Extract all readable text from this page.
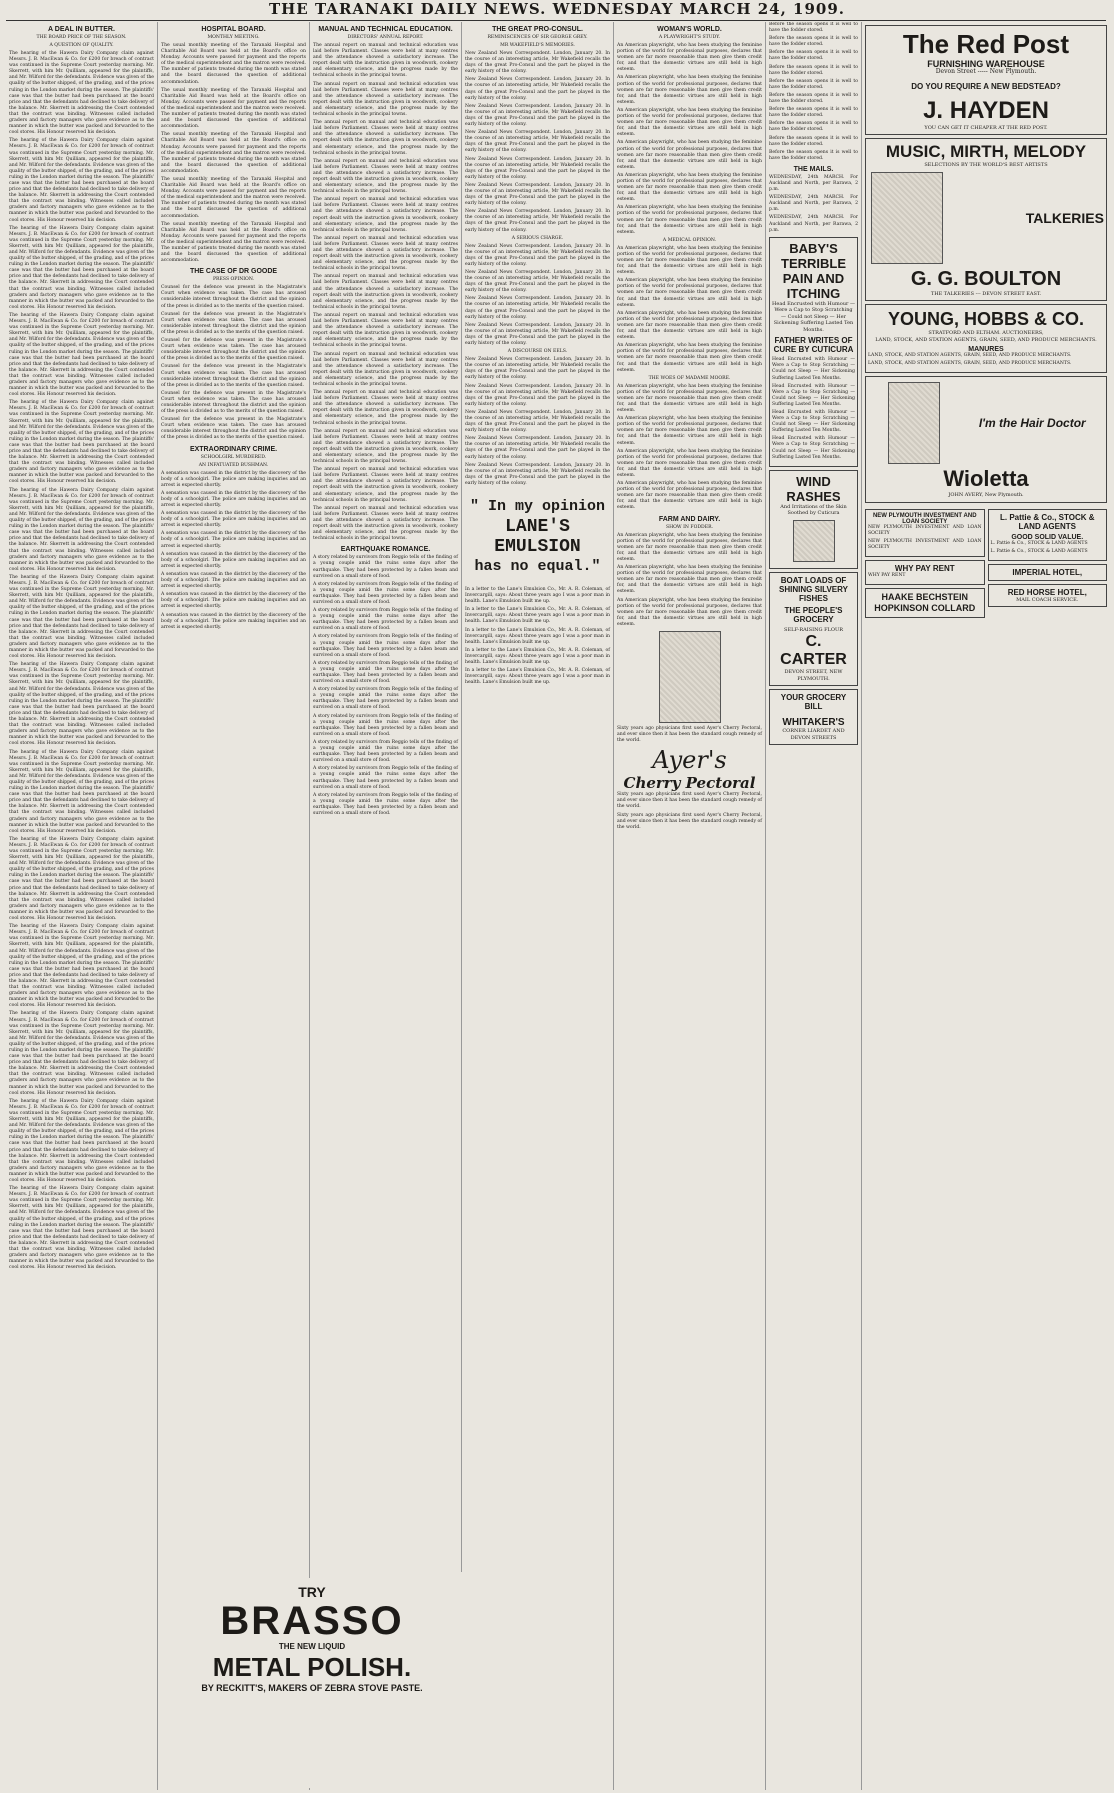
THE TARANAKI DAILY NEWS. WEDNESDAY MARCH 24, 1909.
A DEAL IN BUTTER.
THE BOARD PRICE OF THE SEASON.
A QUESTION OF QUALITY.

The hearing of the Hawera Dairy Company claim against Messrs. J. B. MacEwan & Co. for £200 for breach of contract was continued in the Supreme Court yesterday morning. Mr. Skerrett, with him Mr. Quilliam, appeared for the plaintiffs, and Mr. Wilford for the defendants. Evidence was given of the quality of the butter shipped, of the grading, and of the prices ruling in the London market during the season. The plaintiffs' case was that the butter had been purchased at the board price and that the defendants had declined to take delivery of the balance. Mr. Skerrett in addressing the Court contended that the contract was binding. Witnesses called included graders and factory managers who gave evidence as to the manner in which the butter was packed and forwarded to the cool stores. His Honour reserved his decision.

The hearing of the Hawera Dairy Company claim against Messrs. J. B. MacEwan & Co. for £200 for breach of contract was continued in the Supreme Court yesterday morning. Mr. Skerrett, with him Mr. Quilliam, appeared for the plaintiffs, and Mr. Wilford for the defendants. Evidence was given of the quality of the butter shipped, of the grading, and of the prices ruling in the London market during the season. The plaintiffs' case was that the butter had been purchased at the board price and that the defendants had declined to take delivery of the balance. Mr. Skerrett in addressing the Court contended that the contract was binding. Witnesses called included graders and factory managers who gave evidence as to the manner in which the butter was packed and forwarded to the cool stores. His Honour reserved his decision.

The hearing of the Hawera Dairy Company claim against Messrs. J. B. MacEwan & Co. for £200 for breach of contract was continued in the Supreme Court yesterday morning. Mr. Skerrett, with him Mr. Quilliam, appeared for the plaintiffs, and Mr. Wilford for the defendants. Evidence was given of the quality of the butter shipped, of the grading, and of the prices ruling in the London market during the season. The plaintiffs' case was that the butter had been purchased at the board price and that the defendants had declined to take delivery of the balance. Mr. Skerrett in addressing the Court contended that the contract was binding. Witnesses called included graders and factory managers who gave evidence as to the manner in which the butter was packed and forwarded to the cool stores. His Honour reserved his decision.

The hearing of the Hawera Dairy Company claim against Messrs. J. B. MacEwan & Co. for £200 for breach of contract was continued in the Supreme Court yesterday morning. Mr. Skerrett, with him Mr. Quilliam, appeared for the plaintiffs, and Mr. Wilford for the defendants. Evidence was given of the quality of the butter shipped, of the grading, and of the prices ruling in the London market during the season. The plaintiffs' case was that the butter had been purchased at the board price and that the defendants had declined to take delivery of the balance. Mr. Skerrett in addressing the Court contended that the contract was binding. Witnesses called included graders and factory managers who gave evidence as to the manner in which the butter was packed and forwarded to the cool stores. His Honour reserved his decision.

The hearing of the Hawera Dairy Company claim against Messrs. J. B. MacEwan & Co. for £200 for breach of contract was continued in the Supreme Court yesterday morning. Mr. Skerrett, with him Mr. Quilliam, appeared for the plaintiffs, and Mr. Wilford for the defendants. Evidence was given of the quality of the butter shipped, of the grading, and of the prices ruling in the London market during the season. The plaintiffs' case was that the butter had been purchased at the board price and that the defendants had declined to take delivery of the balance. Mr. Skerrett in addressing the Court contended that the contract was binding. Witnesses called included graders and factory managers who gave evidence as to the manner in which the butter was packed and forwarded to the cool stores. His Honour reserved his decision.

The hearing of the Hawera Dairy Company claim against Messrs. J. B. MacEwan & Co. for £200 for breach of contract was continued in the Supreme Court yesterday morning. Mr. Skerrett, with him Mr. Quilliam, appeared for the plaintiffs, and Mr. Wilford for the defendants. Evidence was given of the quality of the butter shipped, of the grading, and of the prices ruling in the London market during the season. The plaintiffs' case was that the butter had been purchased at the board price and that the defendants had declined to take delivery of the balance. Mr. Skerrett in addressing the Court contended that the contract was binding. Witnesses called included graders and factory managers who gave evidence as to the manner in which the butter was packed and forwarded to the cool stores. His Honour reserved his decision.

The hearing of the Hawera Dairy Company claim against Messrs. J. B. MacEwan & Co. for £200 for breach of contract was continued in the Supreme Court yesterday morning. Mr. Skerrett, with him Mr. Quilliam, appeared for the plaintiffs, and Mr. Wilford for the defendants. Evidence was given of the quality of the butter shipped, of the grading, and of the prices ruling in the London market during the season. The plaintiffs' case was that the butter had been purchased at the board price and that the defendants had declined to take delivery of the balance. Mr. Skerrett in addressing the Court contended that the contract was binding. Witnesses called included graders and factory managers who gave evidence as to the manner in which the butter was packed and forwarded to the cool stores. His Honour reserved his decision.

The hearing of the Hawera Dairy Company claim against Messrs. J. B. MacEwan & Co. for £200 for breach of contract was continued in the Supreme Court yesterday morning. Mr. Skerrett, with him Mr. Quilliam, appeared for the plaintiffs, and Mr. Wilford for the defendants. Evidence was given of the quality of the butter shipped, of the grading, and of the prices ruling in the London market during the season. The plaintiffs' case was that the butter had been purchased at the board price and that the defendants had declined to take delivery of the balance. Mr. Skerrett in addressing the Court contended that the contract was binding. Witnesses called included graders and factory managers who gave evidence as to the manner in which the butter was packed and forwarded to the cool stores. His Honour reserved his decision.

The hearing of the Hawera Dairy Company claim against Messrs. J. B. MacEwan & Co. for £200 for breach of contract was continued in the Supreme Court yesterday morning. Mr. Skerrett, with him Mr. Quilliam, appeared for the plaintiffs, and Mr. Wilford for the defendants. Evidence was given of the quality of the butter shipped, of the grading, and of the prices ruling in the London market during the season. The plaintiffs' case was that the butter had been purchased at the board price and that the defendants had declined to take delivery of the balance. Mr. Skerrett in addressing the Court contended that the contract was binding. Witnesses called included graders and factory managers who gave evidence as to the manner in which the butter was packed and forwarded to the cool stores. His Honour reserved his decision.

The hearing of the Hawera Dairy Company claim against Messrs. J. B. MacEwan & Co. for £200 for breach of contract was continued in the Supreme Court yesterday morning. Mr. Skerrett, with him Mr. Quilliam, appeared for the plaintiffs, and Mr. Wilford for the defendants. Evidence was given of the quality of the butter shipped, of the grading, and of the prices ruling in the London market during the season. The plaintiffs' case was that the butter had been purchased at the board price and that the defendants had declined to take delivery of the balance. Mr. Skerrett in addressing the Court contended that the contract was binding. Witnesses called included graders and factory managers who gave evidence as to the manner in which the butter was packed and forwarded to the cool stores. His Honour reserved his decision.

The hearing of the Hawera Dairy Company claim against Messrs. J. B. MacEwan & Co. for £200 for breach of contract was continued in the Supreme Court yesterday morning. Mr. Skerrett, with him Mr. Quilliam, appeared for the plaintiffs, and Mr. Wilford for the defendants. Evidence was given of the quality of the butter shipped, of the grading, and of the prices ruling in the London market during the season. The plaintiffs' case was that the butter had been purchased at the board price and that the defendants had declined to take delivery of the balance. Mr. Skerrett in addressing the Court contended that the contract was binding. Witnesses called included graders and factory managers who gave evidence as to the manner in which the butter was packed and forwarded to the cool stores. His Honour reserved his decision.

The hearing of the Hawera Dairy Company claim against Messrs. J. B. MacEwan & Co. for £200 for breach of contract was continued in the Supreme Court yesterday morning. Mr. Skerrett, with him Mr. Quilliam, appeared for the plaintiffs, and Mr. Wilford for the defendants. Evidence was given of the quality of the butter shipped, of the grading, and of the prices ruling in the London market during the season. The plaintiffs' case was that the butter had been purchased at the board price and that the defendants had declined to take delivery of the balance. Mr. Skerrett in addressing the Court contended that the contract was binding. Witnesses called included graders and factory managers who gave evidence as to the manner in which the butter was packed and forwarded to the cool stores. His Honour reserved his decision.

The hearing of the Hawera Dairy Company claim against Messrs. J. B. MacEwan & Co. for £200 for breach of contract was continued in the Supreme Court yesterday morning. Mr. Skerrett, with him Mr. Quilliam, appeared for the plaintiffs, and Mr. Wilford for the defendants. Evidence was given of the quality of the butter shipped, of the grading, and of the prices ruling in the London market during the season. The plaintiffs' case was that the butter had been purchased at the board price and that the defendants had declined to take delivery of the balance. Mr. Skerrett in addressing the Court contended that the contract was binding. Witnesses called included graders and factory managers who gave evidence as to the manner in which the butter was packed and forwarded to the cool stores. His Honour reserved his decision.

The hearing of the Hawera Dairy Company claim against Messrs. J. B. MacEwan & Co. for £200 for breach of contract was continued in the Supreme Court yesterday morning. Mr. Skerrett, with him Mr. Quilliam, appeared for the plaintiffs, and Mr. Wilford for the defendants. Evidence was given of the quality of the butter shipped, of the grading, and of the prices ruling in the London market during the season. The plaintiffs' case was that the butter had been purchased at the board price and that the defendants had declined to take delivery of the balance. Mr. Skerrett in addressing the Court contended that the contract was binding. Witnesses called included graders and factory managers who gave evidence as to the manner in which the butter was packed and forwarded to the cool stores. His Honour reserved his decision.

HOSPITAL BOARD.
MONTHLY MEETING.

The usual monthly meeting of the Taranaki Hospital and Charitable Aid Board was held at the Board's office on Monday. Accounts were passed for payment and the reports of the medical superintendent and the matron were received. The number of patients treated during the month was stated and the board discussed the question of additional accommodation.

The usual monthly meeting of the Taranaki Hospital and Charitable Aid Board was held at the Board's office on Monday. Accounts were passed for payment and the reports of the medical superintendent and the matron were received. The number of patients treated during the month was stated and the board discussed the question of additional accommodation.

The usual monthly meeting of the Taranaki Hospital and Charitable Aid Board was held at the Board's office on Monday. Accounts were passed for payment and the reports of the medical superintendent and the matron were received. The number of patients treated during the month was stated and the board discussed the question of additional accommodation.

The usual monthly meeting of the Taranaki Hospital and Charitable Aid Board was held at the Board's office on Monday. Accounts were passed for payment and the reports of the medical superintendent and the matron were received. The number of patients treated during the month was stated and the board discussed the question of additional accommodation.

The usual monthly meeting of the Taranaki Hospital and Charitable Aid Board was held at the Board's office on Monday. Accounts were passed for payment and the reports of the medical superintendent and the matron were received. The number of patients treated during the month was stated and the board discussed the question of additional accommodation.

THE CASE OF DR GOODE
PRESS OPINION.

Counsel for the defence was present in the Magistrate's Court when evidence was taken. The case has aroused considerable interest throughout the district and the opinion of the press is divided as to the merits of the question raised.

Counsel for the defence was present in the Magistrate's Court when evidence was taken. The case has aroused considerable interest throughout the district and the opinion of the press is divided as to the merits of the question raised.

Counsel for the defence was present in the Magistrate's Court when evidence was taken. The case has aroused considerable interest throughout the district and the opinion of the press is divided as to the merits of the question raised.

Counsel for the defence was present in the Magistrate's Court when evidence was taken. The case has aroused considerable interest throughout the district and the opinion of the press is divided as to the merits of the question raised.

Counsel for the defence was present in the Magistrate's Court when evidence was taken. The case has aroused considerable interest throughout the district and the opinion of the press is divided as to the merits of the question raised.

Counsel for the defence was present in the Magistrate's Court when evidence was taken. The case has aroused considerable interest throughout the district and the opinion of the press is divided as to the merits of the question raised.

EXTRAORDINARY CRIME.
SCHOOLGIRL MURDERED.
AN INFATUATED BUSHMAN.

A sensation was caused in the district by the discovery of the body of a schoolgirl. The police are making inquiries and an arrest is expected shortly.

A sensation was caused in the district by the discovery of the body of a schoolgirl. The police are making inquiries and an arrest is expected shortly.

A sensation was caused in the district by the discovery of the body of a schoolgirl. The police are making inquiries and an arrest is expected shortly.

A sensation was caused in the district by the discovery of the body of a schoolgirl. The police are making inquiries and an arrest is expected shortly.

A sensation was caused in the district by the discovery of the body of a schoolgirl. The police are making inquiries and an arrest is expected shortly.

A sensation was caused in the district by the discovery of the body of a schoolgirl. The police are making inquiries and an arrest is expected shortly.

A sensation was caused in the district by the discovery of the body of a schoolgirl. The police are making inquiries and an arrest is expected shortly.

A sensation was caused in the district by the discovery of the body of a schoolgirl. The police are making inquiries and an arrest is expected shortly.

TRY
BRASSO
THE NEW LIQUID
METAL POLISH.
BY RECKITT'S, MAKERS OF ZEBRA STOVE PASTE.
MANUAL AND TECHNICAL EDUCATION.
DIRECTORS' ANNUAL REPORT.

The annual report on manual and technical education was laid before Parliament. Classes were held at many centres and the attendance showed a satisfactory increase. The report dealt with the instruction given in woodwork, cookery and elementary science, and the progress made by the technical schools in the principal towns.

The annual report on manual and technical education was laid before Parliament. Classes were held at many centres and the attendance showed a satisfactory increase. The report dealt with the instruction given in woodwork, cookery and elementary science, and the progress made by the technical schools in the principal towns.

The annual report on manual and technical education was laid before Parliament. Classes were held at many centres and the attendance showed a satisfactory increase. The report dealt with the instruction given in woodwork, cookery and elementary science, and the progress made by the technical schools in the principal towns.

The annual report on manual and technical education was laid before Parliament. Classes were held at many centres and the attendance showed a satisfactory increase. The report dealt with the instruction given in woodwork, cookery and elementary science, and the progress made by the technical schools in the principal towns.

The annual report on manual and technical education was laid before Parliament. Classes were held at many centres and the attendance showed a satisfactory increase. The report dealt with the instruction given in woodwork, cookery and elementary science, and the progress made by the technical schools in the principal towns.

The annual report on manual and technical education was laid before Parliament. Classes were held at many centres and the attendance showed a satisfactory increase. The report dealt with the instruction given in woodwork, cookery and elementary science, and the progress made by the technical schools in the principal towns.

The annual report on manual and technical education was laid before Parliament. Classes were held at many centres and the attendance showed a satisfactory increase. The report dealt with the instruction given in woodwork, cookery and elementary science, and the progress made by the technical schools in the principal towns.

The annual report on manual and technical education was laid before Parliament. Classes were held at many centres and the attendance showed a satisfactory increase. The report dealt with the instruction given in woodwork, cookery and elementary science, and the progress made by the technical schools in the principal towns.

The annual report on manual and technical education was laid before Parliament. Classes were held at many centres and the attendance showed a satisfactory increase. The report dealt with the instruction given in woodwork, cookery and elementary science, and the progress made by the technical schools in the principal towns.

The annual report on manual and technical education was laid before Parliament. Classes were held at many centres and the attendance showed a satisfactory increase. The report dealt with the instruction given in woodwork, cookery and elementary science, and the progress made by the technical schools in the principal towns.

The annual report on manual and technical education was laid before Parliament. Classes were held at many centres and the attendance showed a satisfactory increase. The report dealt with the instruction given in woodwork, cookery and elementary science, and the progress made by the technical schools in the principal towns.

The annual report on manual and technical education was laid before Parliament. Classes were held at many centres and the attendance showed a satisfactory increase. The report dealt with the instruction given in woodwork, cookery and elementary science, and the progress made by the technical schools in the principal towns.

The annual report on manual and technical education was laid before Parliament. Classes were held at many centres and the attendance showed a satisfactory increase. The report dealt with the instruction given in woodwork, cookery and elementary science, and the progress made by the technical schools in the principal towns.

EARTHQUAKE ROMANCE.

A story related by survivors from Reggio tells of the finding of a young couple amid the ruins some days after the earthquake. They had been protected by a fallen beam and survived on a small store of food.

A story related by survivors from Reggio tells of the finding of a young couple amid the ruins some days after the earthquake. They had been protected by a fallen beam and survived on a small store of food.

A story related by survivors from Reggio tells of the finding of a young couple amid the ruins some days after the earthquake. They had been protected by a fallen beam and survived on a small store of food.

A story related by survivors from Reggio tells of the finding of a young couple amid the ruins some days after the earthquake. They had been protected by a fallen beam and survived on a small store of food.

A story related by survivors from Reggio tells of the finding of a young couple amid the ruins some days after the earthquake. They had been protected by a fallen beam and survived on a small store of food.

A story related by survivors from Reggio tells of the finding of a young couple amid the ruins some days after the earthquake. They had been protected by a fallen beam and survived on a small store of food.

A story related by survivors from Reggio tells of the finding of a young couple amid the ruins some days after the earthquake. They had been protected by a fallen beam and survived on a small store of food.

A story related by survivors from Reggio tells of the finding of a young couple amid the ruins some days after the earthquake. They had been protected by a fallen beam and survived on a small store of food.

A story related by survivors from Reggio tells of the finding of a young couple amid the ruins some days after the earthquake. They had been protected by a fallen beam and survived on a small store of food.

A story related by survivors from Reggio tells of the finding of a young couple amid the ruins some days after the earthquake. They had been protected by a fallen beam and survived on a small store of food.

THE GREAT PRO-CONSUL.
REMINISCENCES OF SIR GEORGE GREY.
MR WAKEFIELD'S MEMORIES.

New Zealand News Correspondent. London, January 20. In the course of an interesting article, Mr Wakefield recalls the days of the great Pro-Consul and the part he played in the early history of the colony.

New Zealand News Correspondent. London, January 20. In the course of an interesting article, Mr Wakefield recalls the days of the great Pro-Consul and the part he played in the early history of the colony.

New Zealand News Correspondent. London, January 20. In the course of an interesting article, Mr Wakefield recalls the days of the great Pro-Consul and the part he played in the early history of the colony.

New Zealand News Correspondent. London, January 20. In the course of an interesting article, Mr Wakefield recalls the days of the great Pro-Consul and the part he played in the early history of the colony.

New Zealand News Correspondent. London, January 20. In the course of an interesting article, Mr Wakefield recalls the days of the great Pro-Consul and the part he played in the early history of the colony.

New Zealand News Correspondent. London, January 20. In the course of an interesting article, Mr Wakefield recalls the days of the great Pro-Consul and the part he played in the early history of the colony.

New Zealand News Correspondent. London, January 20. In the course of an interesting article, Mr Wakefield recalls the days of the great Pro-Consul and the part he played in the early history of the colony.

A SERIOUS CHARGE.

New Zealand News Correspondent. London, January 20. In the course of an interesting article, Mr Wakefield recalls the days of the great Pro-Consul and the part he played in the early history of the colony.

New Zealand News Correspondent. London, January 20. In the course of an interesting article, Mr Wakefield recalls the days of the great Pro-Consul and the part he played in the early history of the colony.

New Zealand News Correspondent. London, January 20. In the course of an interesting article, Mr Wakefield recalls the days of the great Pro-Consul and the part he played in the early history of the colony.

New Zealand News Correspondent. London, January 20. In the course of an interesting article, Mr Wakefield recalls the days of the great Pro-Consul and the part he played in the early history of the colony.

A DISCOURSE ON EELS.

New Zealand News Correspondent. London, January 20. In the course of an interesting article, Mr Wakefield recalls the days of the great Pro-Consul and the part he played in the early history of the colony.

New Zealand News Correspondent. London, January 20. In the course of an interesting article, Mr Wakefield recalls the days of the great Pro-Consul and the part he played in the early history of the colony.

New Zealand News Correspondent. London, January 20. In the course of an interesting article, Mr Wakefield recalls the days of the great Pro-Consul and the part he played in the early history of the colony.

New Zealand News Correspondent. London, January 20. In the course of an interesting article, Mr Wakefield recalls the days of the great Pro-Consul and the part he played in the early history of the colony.

New Zealand News Correspondent. London, January 20. In the course of an interesting article, Mr Wakefield recalls the days of the great Pro-Consul and the part he played in the early history of the colony.

" In my opinion
LANE'S
EMULSION
has no equal."

In a letter to the Lane's Emulsion Co., Mr. A. R. Coleman, of Invercargill, says: About three years ago I was a poor man in health. Lane's Emulsion built me up.

In a letter to the Lane's Emulsion Co., Mr. A. R. Coleman, of Invercargill, says: About three years ago I was a poor man in health. Lane's Emulsion built me up.

In a letter to the Lane's Emulsion Co., Mr. A. R. Coleman, of Invercargill, says: About three years ago I was a poor man in health. Lane's Emulsion built me up.

In a letter to the Lane's Emulsion Co., Mr. A. R. Coleman, of Invercargill, says: About three years ago I was a poor man in health. Lane's Emulsion built me up.

In a letter to the Lane's Emulsion Co., Mr. A. R. Coleman, of Invercargill, says: About three years ago I was a poor man in health. Lane's Emulsion built me up.

WOMAN'S WORLD.
A PLAYWRIGHT'S STUDY.

An American playwright, who has been studying the feminine portion of the world for professional purposes, declares that women are far more reasonable than men give them credit for, and that the domestic virtues are still held in high esteem.

An American playwright, who has been studying the feminine portion of the world for professional purposes, declares that women are far more reasonable than men give them credit for, and that the domestic virtues are still held in high esteem.

An American playwright, who has been studying the feminine portion of the world for professional purposes, declares that women are far more reasonable than men give them credit for, and that the domestic virtues are still held in high esteem.

An American playwright, who has been studying the feminine portion of the world for professional purposes, declares that women are far more reasonable than men give them credit for, and that the domestic virtues are still held in high esteem.

An American playwright, who has been studying the feminine portion of the world for professional purposes, declares that women are far more reasonable than men give them credit for, and that the domestic virtues are still held in high esteem.

An American playwright, who has been studying the feminine portion of the world for professional purposes, declares that women are far more reasonable than men give them credit for, and that the domestic virtues are still held in high esteem.

A MEDICAL OPINION.

An American playwright, who has been studying the feminine portion of the world for professional purposes, declares that women are far more reasonable than men give them credit for, and that the domestic virtues are still held in high esteem.

An American playwright, who has been studying the feminine portion of the world for professional purposes, declares that women are far more reasonable than men give them credit for, and that the domestic virtues are still held in high esteem.

An American playwright, who has been studying the feminine portion of the world for professional purposes, declares that women are far more reasonable than men give them credit for, and that the domestic virtues are still held in high esteem.

An American playwright, who has been studying the feminine portion of the world for professional purposes, declares that women are far more reasonable than men give them credit for, and that the domestic virtues are still held in high esteem.

THE WOES OF MADAME MOORE.

An American playwright, who has been studying the feminine portion of the world for professional purposes, declares that women are far more reasonable than men give them credit for, and that the domestic virtues are still held in high esteem.

An American playwright, who has been studying the feminine portion of the world for professional purposes, declares that women are far more reasonable than men give them credit for, and that the domestic virtues are still held in high esteem.

An American playwright, who has been studying the feminine portion of the world for professional purposes, declares that women are far more reasonable than men give them credit for, and that the domestic virtues are still held in high esteem.

An American playwright, who has been studying the feminine portion of the world for professional purposes, declares that women are far more reasonable than men give them credit for, and that the domestic virtues are still held in high esteem.

FARM AND DAIRY.
SHOW IN FODDER.

An American playwright, who has been studying the feminine portion of the world for professional purposes, declares that women are far more reasonable than men give them credit for, and that the domestic virtues are still held in high esteem.

An American playwright, who has been studying the feminine portion of the world for professional purposes, declares that women are far more reasonable than men give them credit for, and that the domestic virtues are still held in high esteem.

An American playwright, who has been studying the feminine portion of the world for professional purposes, declares that women are far more reasonable than men give them credit for, and that the domestic virtues are still held in high esteem.

Sixty years ago physicians first used Ayer's Cherry Pectoral, and ever since then it has been the standard cough remedy of the world.

Ayer's
Cherry Pectoral

Sixty years ago physicians first used Ayer's Cherry Pectoral, and ever since then it has been the standard cough remedy of the world.

Sixty years ago physicians first used Ayer's Cherry Pectoral, and ever since then it has been the standard cough remedy of the world.

Before the season opens it is well to have the fodder stored.

Before the season opens it is well to have the fodder stored.

Before the season opens it is well to have the fodder stored.

Before the season opens it is well to have the fodder stored.

Before the season opens it is well to have the fodder stored.

Before the season opens it is well to have the fodder stored.

Before the season opens it is well to have the fodder stored.

Before the season opens it is well to have the fodder stored.

Before the season opens it is well to have the fodder stored.

Before the season opens it is well to have the fodder stored.

THE MAILS.

WEDNESDAY, 24th MARCH. For Auckland and North, per Rarawa, 2 p.m.

WEDNESDAY, 24th MARCH. For Auckland and North, per Rarawa, 2 p.m.

WEDNESDAY, 24th MARCH. For Auckland and North, per Rarawa, 2 p.m.

BABY'S TERRIBLE
PAIN AND ITCHING
Head Encrusted with Humour — Were a Cap to Stop Scratching — Could not Sleep — Her Sickening Suffering Lasted Ten Months.
FATHER WRITES OF CURE BY CUTICURA

Head Encrusted with Humour — Were a Cap to Stop Scratching — Could not Sleep — Her Sickening Suffering Lasted Ten Months.

Head Encrusted with Humour — Were a Cap to Stop Scratching — Could not Sleep — Her Sickening Suffering Lasted Ten Months.

Head Encrusted with Humour — Were a Cap to Stop Scratching — Could not Sleep — Her Sickening Suffering Lasted Ten Months.

Head Encrusted with Humour — Were a Cap to Stop Scratching — Could not Sleep — Her Sickening Suffering Lasted Ten Months.

WIND RASHES
And Irritations of the Skin Soothed by Cuticura
BOAT LOADS OF SHINING SILVERY FISHES
THE PEOPLE'S GROCERY
SELF-RAISING FLOUR
C. CARTER
DEVON STREET, NEW PLYMOUTH.
YOUR GROCERY BILL
WHITAKER'S
CORNER LIARDET AND DEVON STREETS
The Red Post
FURNISHING WAREHOUSE
Devon Street ----- New Plymouth.
DO YOU REQUIRE A NEW BEDSTEAD?
J. HAYDEN
YOU CAN GET IT CHEAPER AT THE RED POST.
MUSIC, MIRTH, MELODY
SELECTIONS BY THE WORLD'S BEST ARTISTS
TALKERIES
G. G. BOULTON
THE TALKERIES --- DEVON STREET EAST.
YOUNG, HOBBS & CO.
STRATFORD AND ELTHAM. AUCTIONEERS,
LAND, STOCK, AND STATION AGENTS, GRAIN, SEED, AND PRODUCE MERCHANTS.
MANURES

LAND, STOCK, AND STATION AGENTS, GRAIN, SEED, AND PRODUCE MERCHANTS.

LAND, STOCK, AND STATION AGENTS, GRAIN, SEED, AND PRODUCE MERCHANTS.

I'm the Hair Doctor
Wioletta
JOHN AVERY, New Plymouth.
NEW PLYMOUTH INVESTMENT AND LOAN SOCIETY

NEW PLYMOUTH INVESTMENT AND LOAN SOCIETY

NEW PLYMOUTH INVESTMENT AND LOAN SOCIETY

WHY PAY RENT

WHY PAY RENT

HAAKE BECHSTEIN HOPKINSON COLLARD
L. Pattie & Co., STOCK & LAND AGENTS
GOOD SOLID VALUE.

L. Pattie & Co., STOCK & LAND AGENTS

L. Pattie & Co., STOCK & LAND AGENTS

IMPERIAL HOTEL,
RED HORSE HOTEL,
MAIL COACH SERVICE.
